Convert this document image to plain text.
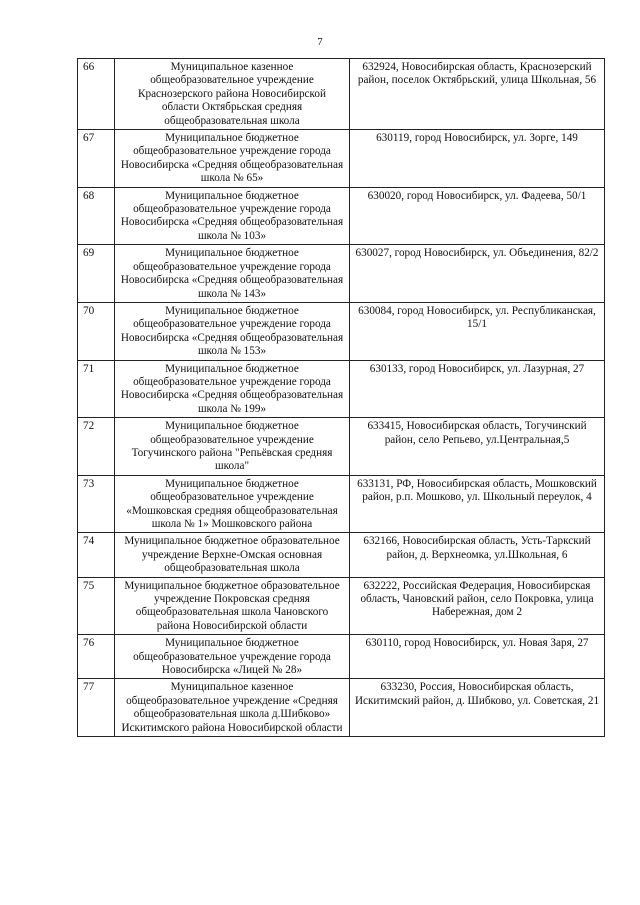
7
66	Муниципальное казенное общеобразовательное учреждение Краснозерского района Новосибирской области Октябрьская средняя общеобразовательная школа	632924, Новосибирская область, Краснозерский район, поселок Октябрьский, улица Школьная, 56
67	Муниципальное бюджетное общеобразовательное учреждение города Новосибирска «Средняя общеобразовательная школа № 65»	630119, город Новосибирск, ул. Зорге, 149
68	Муниципальное бюджетное общеобразовательное учреждение города Новосибирска «Средняя общеобразовательная школа № 103»	630020, город Новосибирск, ул. Фадеева, 50/1
69	Муниципальное бюджетное общеобразовательное учреждение города Новосибирска «Средняя общеобразовательная школа № 143»	630027, город Новосибирск, ул. Объединения, 82/2
70	Муниципальное бюджетное общеобразовательное учреждение города Новосибирска «Средняя общеобразовательная школа № 153»	630084, город Новосибирск, ул. Республиканская, 15/1
71	Муниципальное бюджетное общеобразовательное учреждение города Новосибирска «Средняя общеобразовательная школа № 199»	630133, город Новосибирск, ул. Лазурная, 27
72	Муниципальное бюджетное общеобразовательное учреждение Тогучинского района "Репьёвская средняя школа"	633415, Новосибирская область, Тогучинский район, село Репьево, ул.Центральная,5
73	Муниципальное бюджетное общеобразовательное учреждение «Мошковская средняя общеобразовательная школа № 1» Мошковского района	633131, РФ, Новосибирская область, Мошковский район, р.п. Мошково, ул. Школьный переулок, 4
74	Муниципальное бюджетное образовательное учреждение Верхне-Омская основная общеобразовательная школа	632166, Новосибирская область, Усть-Таркский район, д. Верхнеомка, ул.Школьная, 6
75	Муниципальное бюджетное образовательное учреждение Покровская средняя общеобразовательная школа Чановского района Новосибирской области	632222, Российская Федерация, Новосибирская область, Чановский район, село Покровка, улица Набережная, дом 2
76	Муниципальное бюджетное общеобразовательное учреждение города Новосибирска «Лицей № 28»	630110, город Новосибирск, ул. Новая Заря, 27
77	Муниципальное казенное общеобразовательное учреждение «Средняя общеобразовательная школа д.Шибково» Искитимского района Новосибирской области	633230, Россия, Новосибирская область, Искитимский район, д. Шибково, ул. Советская, 21
